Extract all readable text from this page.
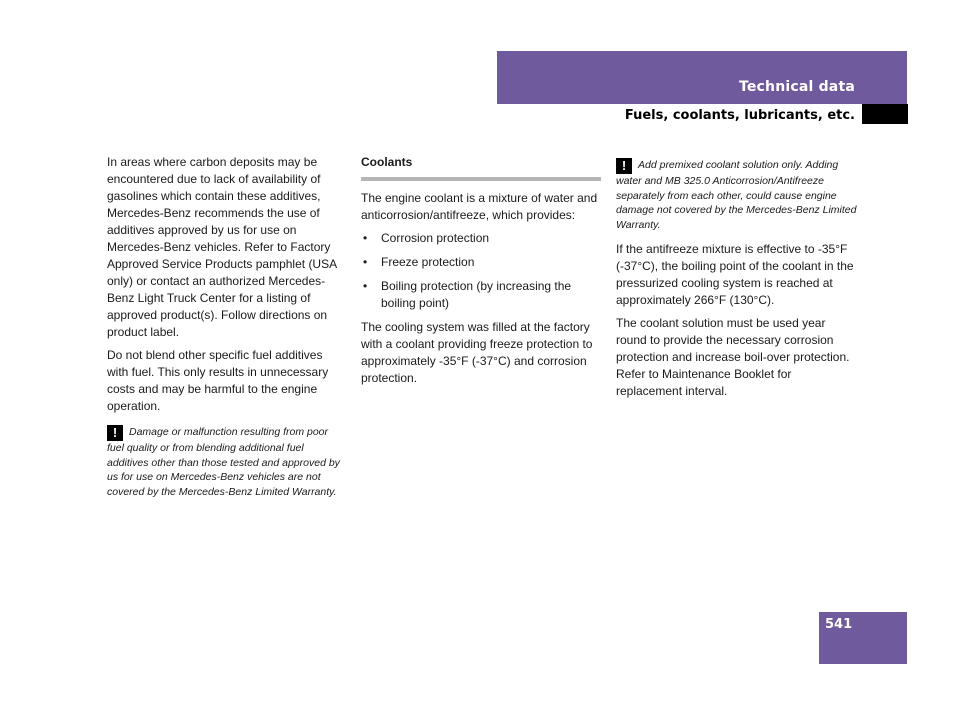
Technical data
Fuels, coolants, lubricants, etc.

In areas where carbon deposits may be encountered due to lack of availability of gasolines which contain these additives, Mercedes-Benz recommends the use of additives approved by us for use on Mercedes-Benz vehicles. Refer to Factory Approved Service Products pamphlet (USA only) or contact an authorized Mercedes-Benz Light Truck Center for a listing of approved product(s). Follow directions on product label.

Do not blend other specific fuel additives with fuel. This only results in unnecessary costs and may be harmful to the engine operation.

! Damage or malfunction resulting from poor fuel quality or from blending additional fuel additives other than those tested and approved by us for use on Mercedes-Benz vehicles are not covered by the Mercedes-Benz Limited Warranty.
Coolants

The engine coolant is a mixture of water and anticorrosion/antifreeze, which provides:

• Corrosion protection
• Freeze protection
• Boiling protection (by increasing the boiling point)

The cooling system was filled at the factory with a coolant providing freeze protection to approximately -35°F (-37°C) and corrosion protection.

! Add premixed coolant solution only. Adding water and MB 325.0 Anticorrosion/Antifreeze separately from each other, could cause engine damage not covered by the Mercedes-Benz Limited Warranty.

If the antifreeze mixture is effective to -35°F (-37°C), the boiling point of the coolant in the pressurized cooling system is reached at approximately 266°F (130°C).

The coolant solution must be used year round to provide the necessary corrosion protection and increase boil-over protection. Refer to Maintenance Booklet for replacement interval.

541
